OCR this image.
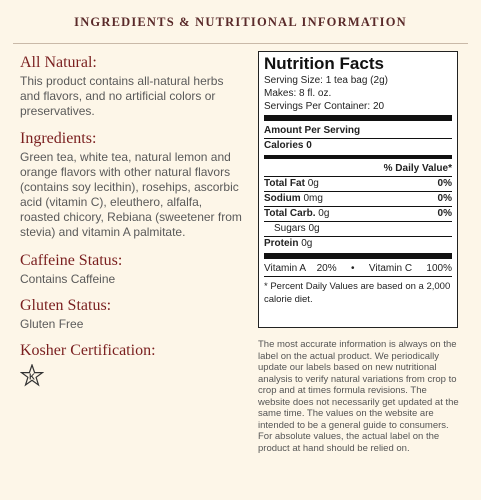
INGREDIENTS & NUTRITIONAL INFORMATION

All Natural:

This product contains all-natural herbs and flavors, and no artificial colors or preservatives.

Ingredients:

Green tea, white tea, natural lemon and orange flavors with other natural flavors (contains soy lecithin), rosehips, ascorbic acid (vitamin C), eleuthero, alfalfa, roasted chicory, Rebiana (sweetener from stevia) and vitamin A palmitate.

Caffeine Status:

Contains Caffeine

Gluten Status:

Gluten Free

Kosher Certification:

K
Nutrition Facts
Serving Size: 1 tea bag (2g)
Makes: 8 fl. oz.
Servings Per Container: 20
Amount Per Serving
Calories 0
% Daily Value*
Total Fat 0g	0%
Sodium 0mg	0%
Total Carb. 0g	0%
Sugars 0g
Protein 0g
Vitamin A    20% • Vitamin C 100%
* Percent Daily Values are based on a 2,000 calorie diet.
The most accurate information is always on the label on the actual product. We periodically update our labels based on new nutritional analysis to verify natural variations from crop to crop and at times formula revisions. The website does not necessarily get updated at the same time. The values on the website are intended to be a general guide to consumers. For absolute values, the actual label on the product at hand should be relied on.
